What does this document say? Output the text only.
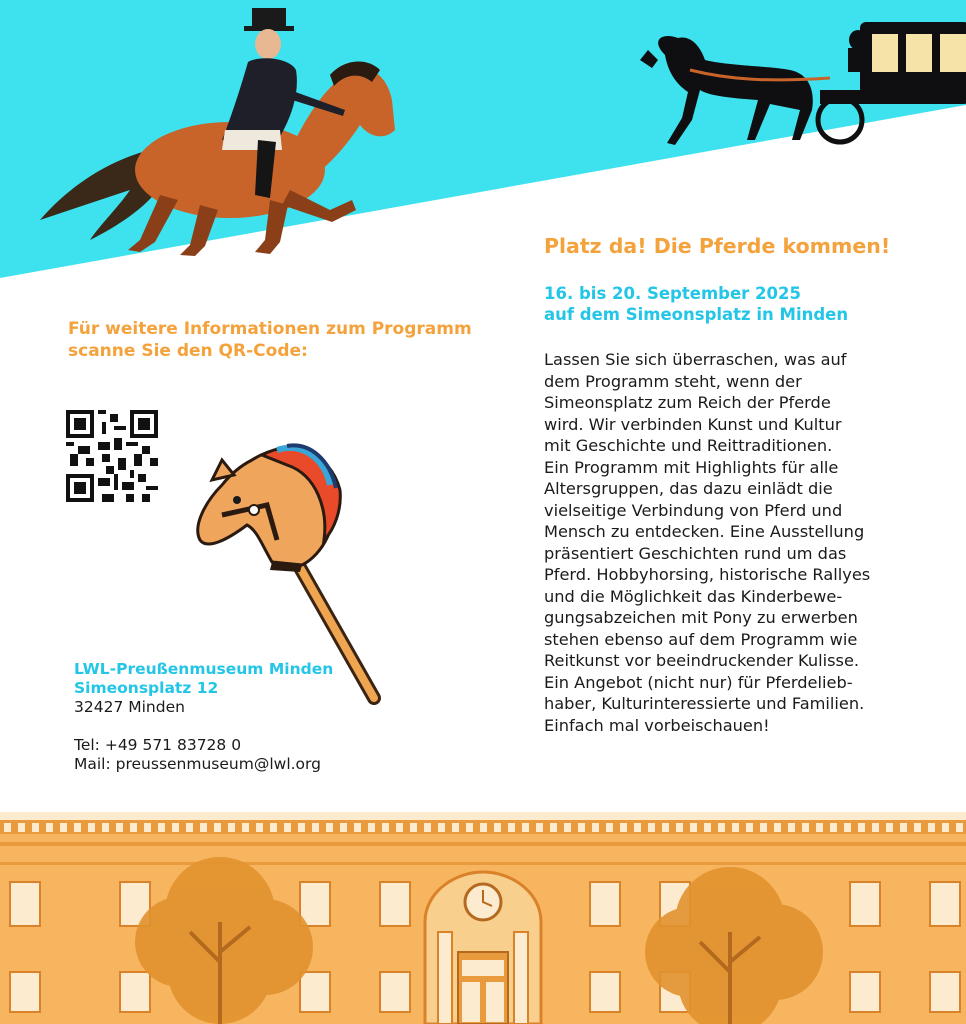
Für weitere Informationen zum Programm
scanne Sie den QR-Code:
LWL-Preußenmuseum Minden
Simeonsplatz 12
32427 Minden
Tel: +49 571 83728 0
Mail: preussenmuseum@lwl.org
Platz da! Die Pferde kommen!
16. bis 20. September 2025
auf dem Simeonsplatz in Minden
Lassen Sie sich überraschen, was auf
dem Programm steht, wenn der
Simeonsplatz zum Reich der Pferde
wird. Wir verbinden Kunst und Kultur
mit Geschichte und Reittraditionen.
Ein Programm mit Highlights für alle
Altersgruppen, das dazu einlädt die
vielseitige Verbindung von Pferd und
Mensch zu entdecken. Eine Ausstellung
präsentiert Geschichten rund um das
Pferd. Hobbyhorsing, historische Rallyes
und die Möglichkeit das Kinderbewe-
gungsabzeichen mit Pony zu erwerben
stehen ebenso auf dem Programm wie
Reitkunst vor beeindruckender Kulisse.
Ein Angebot (nicht nur) für Pferdelieb-
haber, Kulturinteressierte und Familien.
Einfach mal vorbeischauen!
